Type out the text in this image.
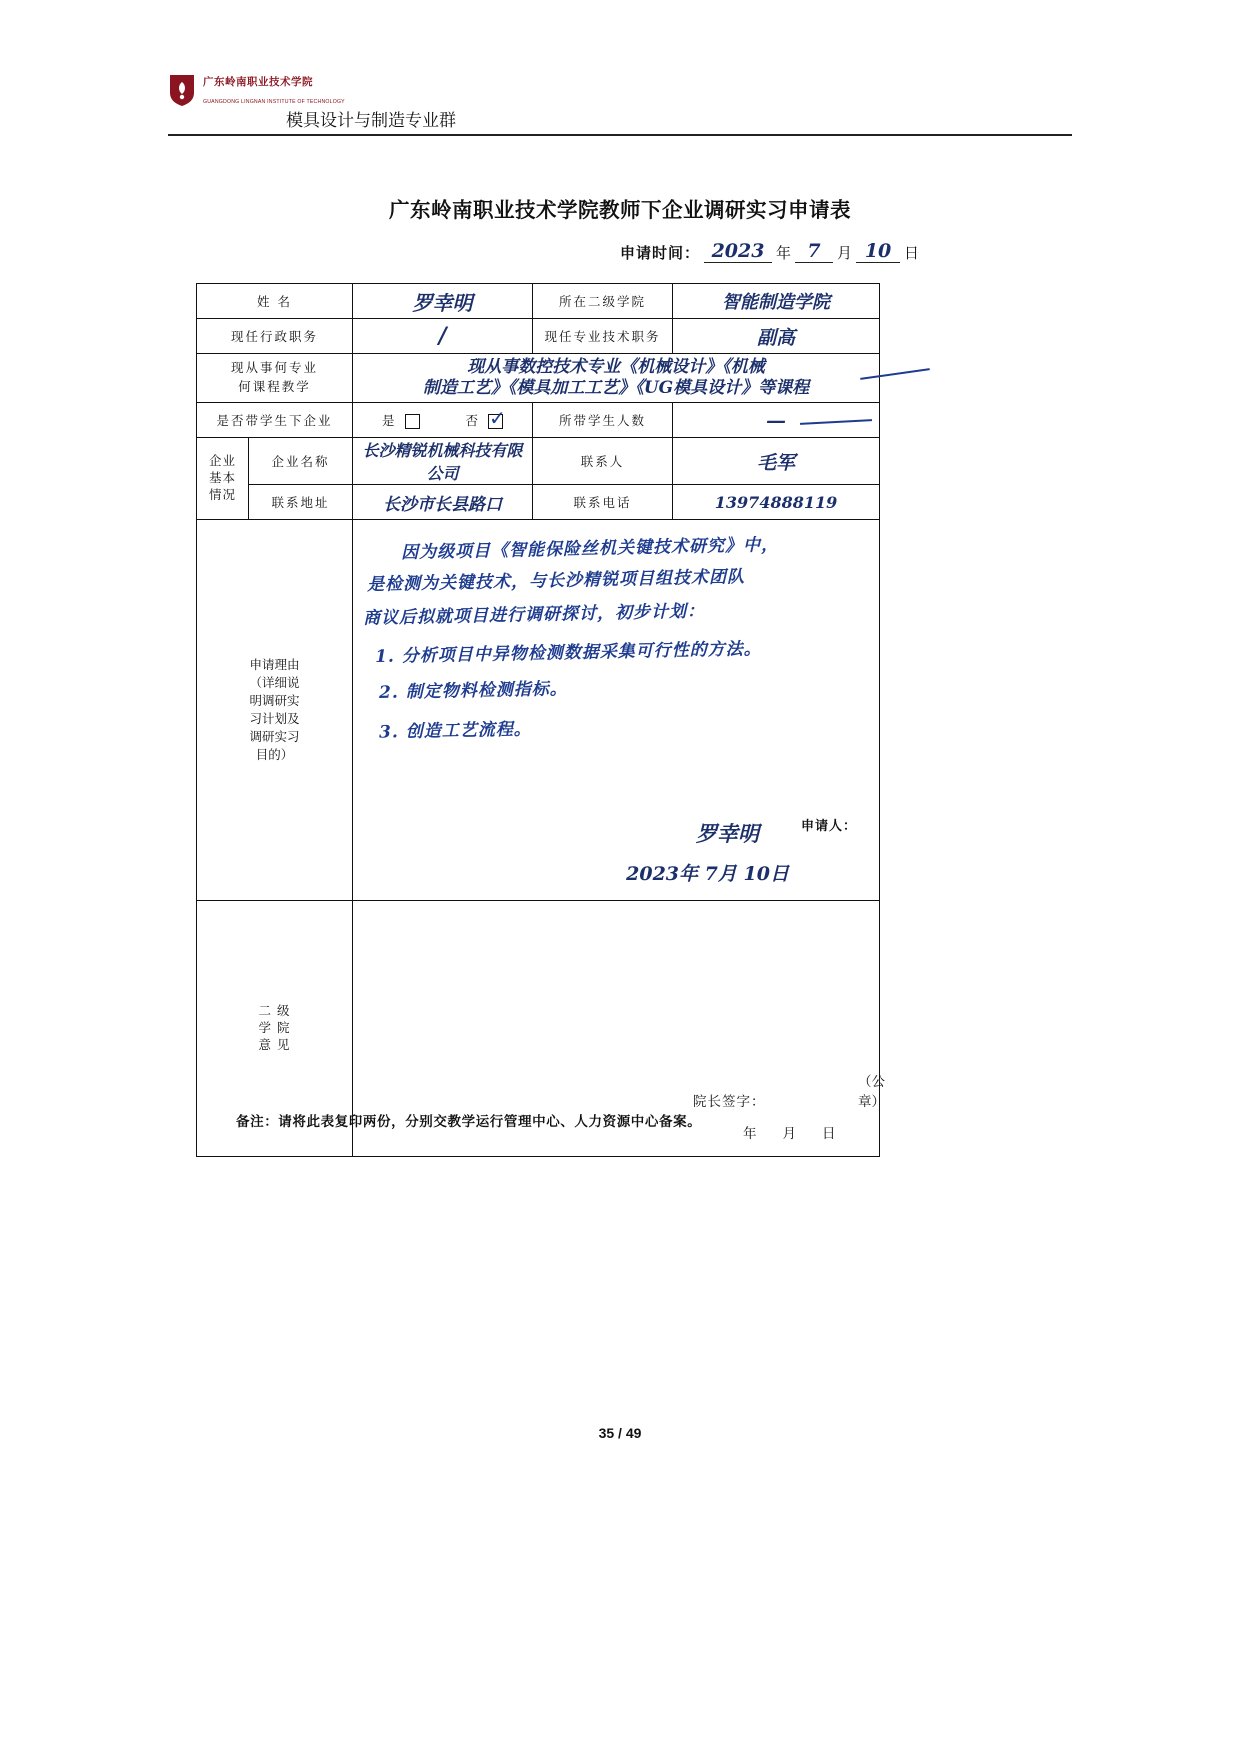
广东岭南职业技术学院
GUANGDONG LINGNAN INSTITUTE OF TECHNOLOGY
模具设计与制造专业群
广东岭南职业技术学院教师下企业调研实习申请表
申请时间： 2023 年 7	月 10 日
姓 名		罗幸明	所在二级学院	智能制造学院
现任行政职务		/	现任专业技术职务	副高
现从事何专业
何课程教学		现从事数控技术专业《机械设计》《机械
制造工艺》《模具加工工艺》《UG模具设计》等课程		

是否带学生下企业		是 否 ✓	所带学生人数	—

企业
基本
情况	企业名称	长沙精锐机械科技有限公司	联系人	毛军
	联系地址	长沙市长县路口	联系电话	13974888119

申请理由（详细说明调研实习计划及调研实习目的）

因为级项目《智能保险丝机关键技术研究》中，
是检测为关键技术，与长沙精锐项目组技术团队
商议后拟就项目进行调研探讨，初步计划：
1. 分析项目中异物检测数据采集可行性的方法。
2. 制定物料检测指标。
3. 创造工艺流程。
申请人：
罗幸明
2023年 7月 10日

二 级
学 院
意 见		院长签字：
（公章）
年月日		
备注：请将此表复印两份，分别交教学运行管理中心、人力资源中心备案。
35 / 49
